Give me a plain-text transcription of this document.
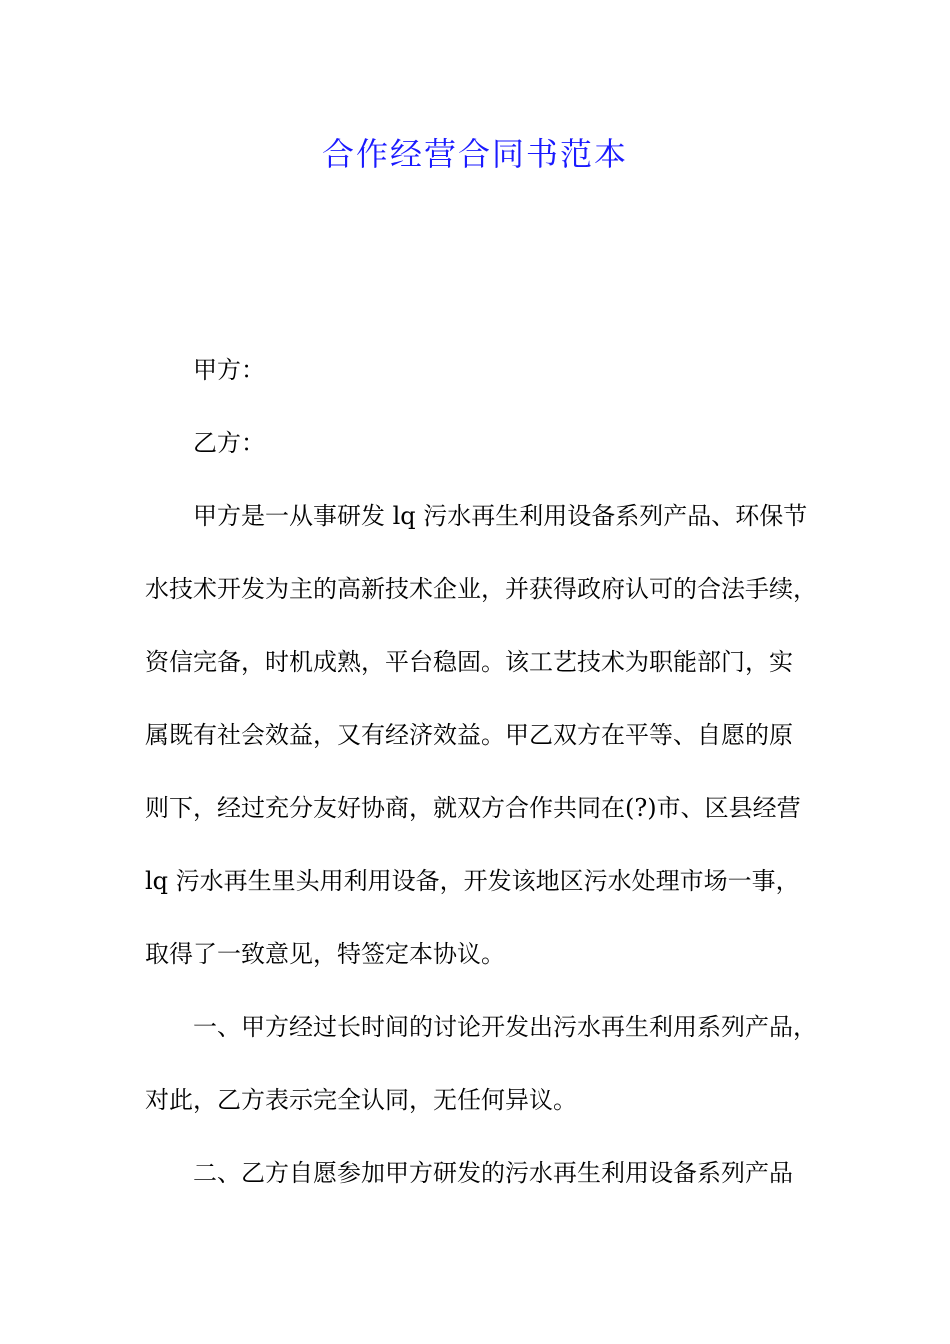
合作经营合同书范本
甲方：
乙方：
甲方是一从事研发 lq 污水再生利用设备系列产品、环保节
水技术开发为主的高新技术企业，并获得政府认可的合法手续，
资信完备，时机成熟，平台稳固。该工艺技术为职能部门，实
属既有社会效益，又有经济效益。甲乙双方在平等、自愿的原
则下，经过充分友好协商，就双方合作共同在(?)市、区县经营
lq 污水再生里头用利用设备，开发该地区污水处理市场一事，
取得了一致意见，特签定本协议。
一、甲方经过长时间的讨论开发出污水再生利用系列产品，
对此，乙方表示完全认同，无任何异议。
二、乙方自愿参加甲方研发的污水再生利用设备系列产品
